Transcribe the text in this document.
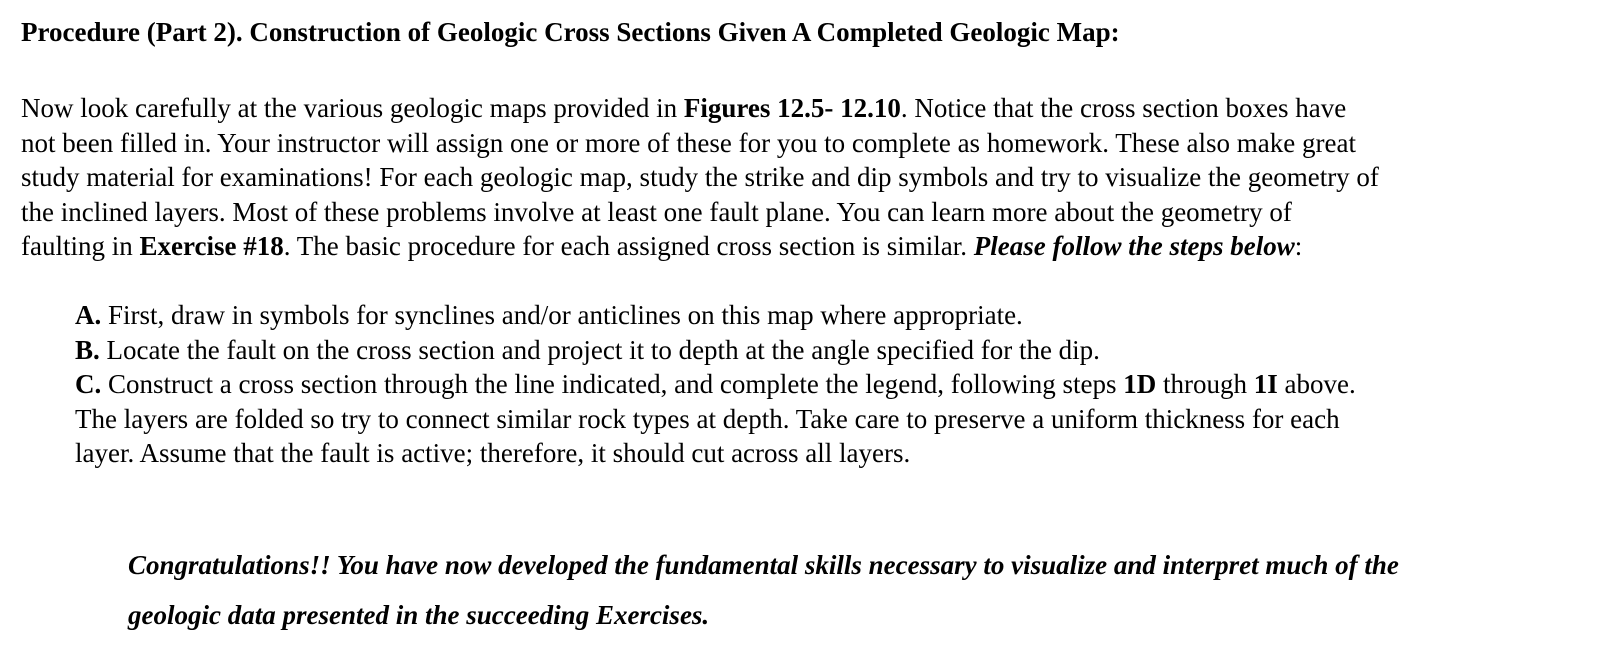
Procedure (Part 2). Construction of Geologic Cross Sections Given A Completed Geologic Map:
Now look carefully at the various geologic maps provided in Figures 12.5- 12.10. Notice that the cross section boxes have
not been filled in. Your instructor will assign one or more of these for you to complete as homework. These also make great
study material for examinations! For each geologic map, study the strike and dip symbols and try to visualize the geometry of
the inclined layers. Most of these problems involve at least one fault plane. You can learn more about the geometry of
faulting in Exercise #18. The basic procedure for each assigned cross section is similar. Please follow the steps below:
A. First, draw in symbols for synclines and/or anticlines on this map where appropriate.
B. Locate the fault on the cross section and project it to depth at the angle specified for the dip.
C. Construct a cross section through the line indicated, and complete the legend, following steps 1D through 1I above.
The layers are folded so try to connect similar rock types at depth. Take care to preserve a uniform thickness for each
layer. Assume that the fault is active; therefore, it should cut across all layers.
Congratulations!! You have now developed the fundamental skills necessary to visualize and interpret much of the
geologic data presented in the succeeding Exercises.
